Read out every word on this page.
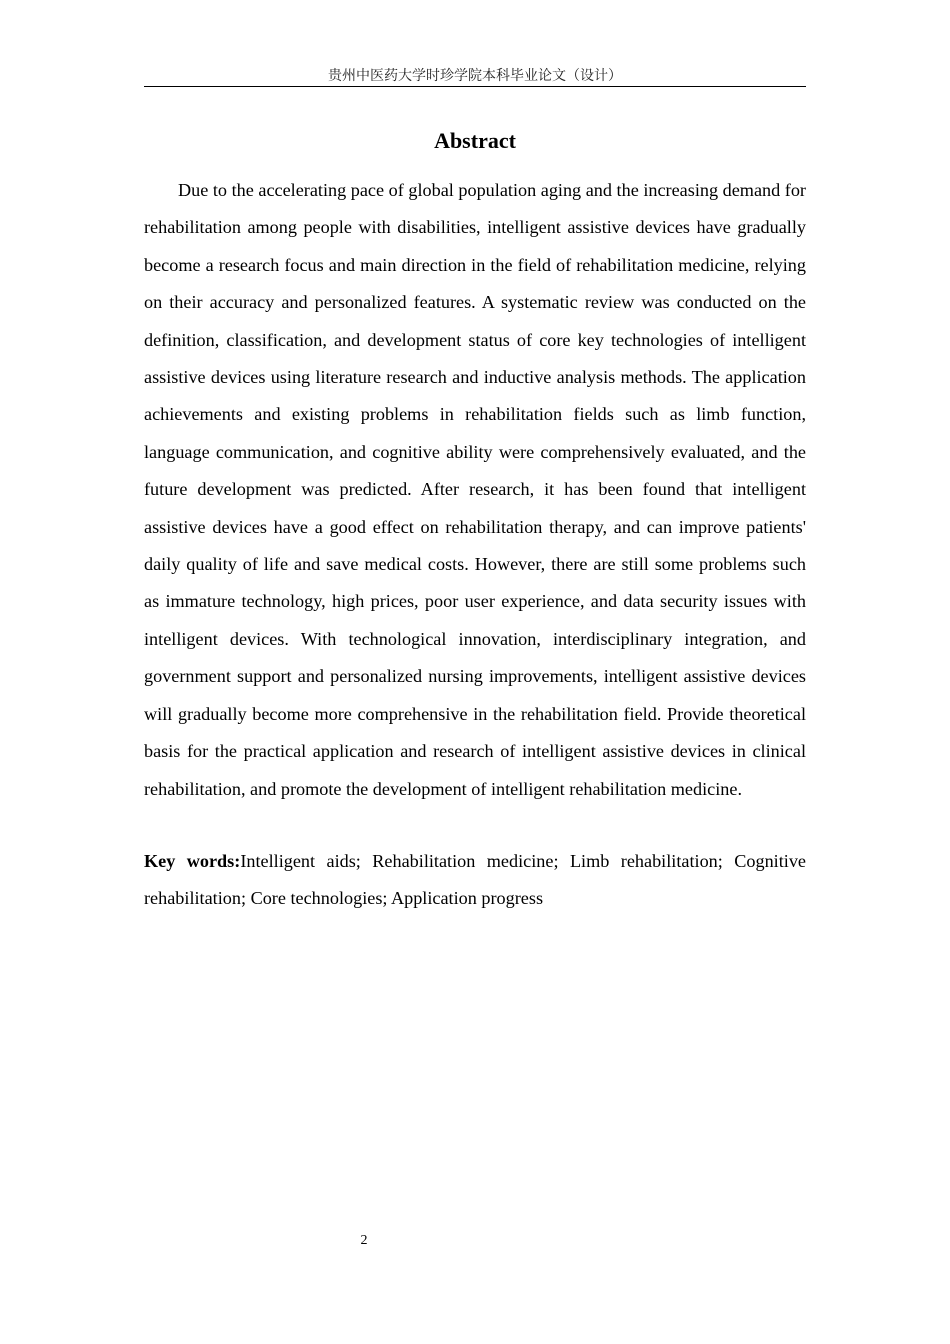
贵州中医药大学时珍学院本科毕业论文（设计）
Abstract

Due to the accelerating pace of global population aging and the increasing demand for rehabilitation among people with disabilities, intelligent assistive devices have gradually become a research focus and main direction in the field of rehabilitation medicine, relying on their accuracy and personalized features. A systematic review was conducted on the definition, classification, and development status of core key technologies of intelligent assistive devices using literature research and inductive analysis methods. The application achievements and existing problems in rehabilitation fields such as limb function, language communication, and cognitive ability were comprehensively evaluated, and the future development was predicted. After research, it has been found that intelligent assistive devices have a good effect on rehabilitation therapy, and can improve patients' daily quality of life and save medical costs. However, there are still some problems such as immature technology, high prices, poor user experience, and data security issues with intelligent devices. With technological innovation, interdisciplinary integration, and government support and personalized nursing improvements, intelligent assistive devices will gradually become more comprehensive in the rehabilitation field. Provide theoretical basis for the practical application and research of intelligent assistive devices in clinical rehabilitation, and promote the development of intelligent rehabilitation medicine.

Key words:Intelligent aids; Rehabilitation medicine; Limb rehabilitation; Cognitive rehabilitation; Core technologies; Application progress

2
